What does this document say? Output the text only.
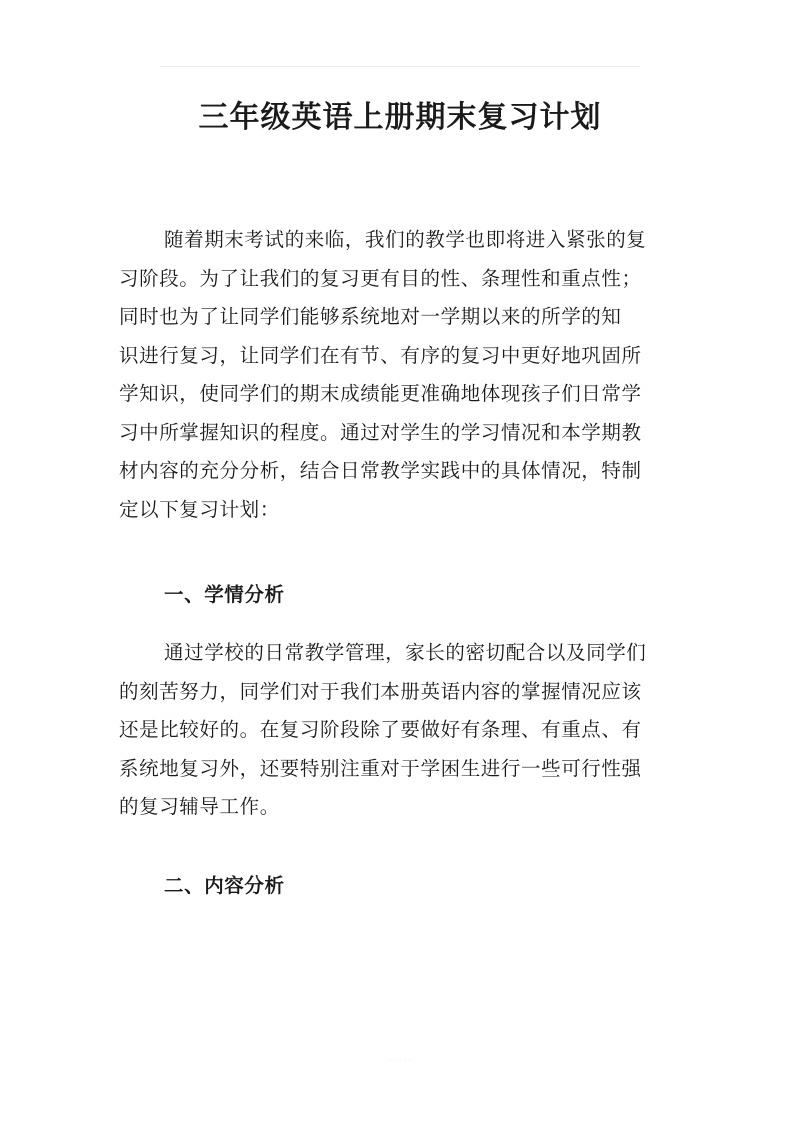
三年级英语上册期末复习计划
随着期末考试的来临，我们的教学也即将进入紧张的复
习阶段。为了让我们的复习更有目的性、条理性和重点性；
同时也为了让同学们能够系统地对一学期以来的所学的知
识进行复习，让同学们在有节、有序的复习中更好地巩固所
学知识，使同学们的期末成绩能更准确地体现孩子们日常学
习中所掌握知识的程度。通过对学生的学习情况和本学期教
材内容的充分分析，结合日常教学实践中的具体情况，特制
定以下复习计划：
一、学情分析
通过学校的日常教学管理，家长的密切配合以及同学们
的刻苦努力，同学们对于我们本册英语内容的掌握情况应该
还是比较好的。在复习阶段除了要做好有条理、有重点、有
系统地复习外，还要特别注重对于学困生进行一些可行性强
的复习辅导工作。
二、内容分析
· · · · ·
